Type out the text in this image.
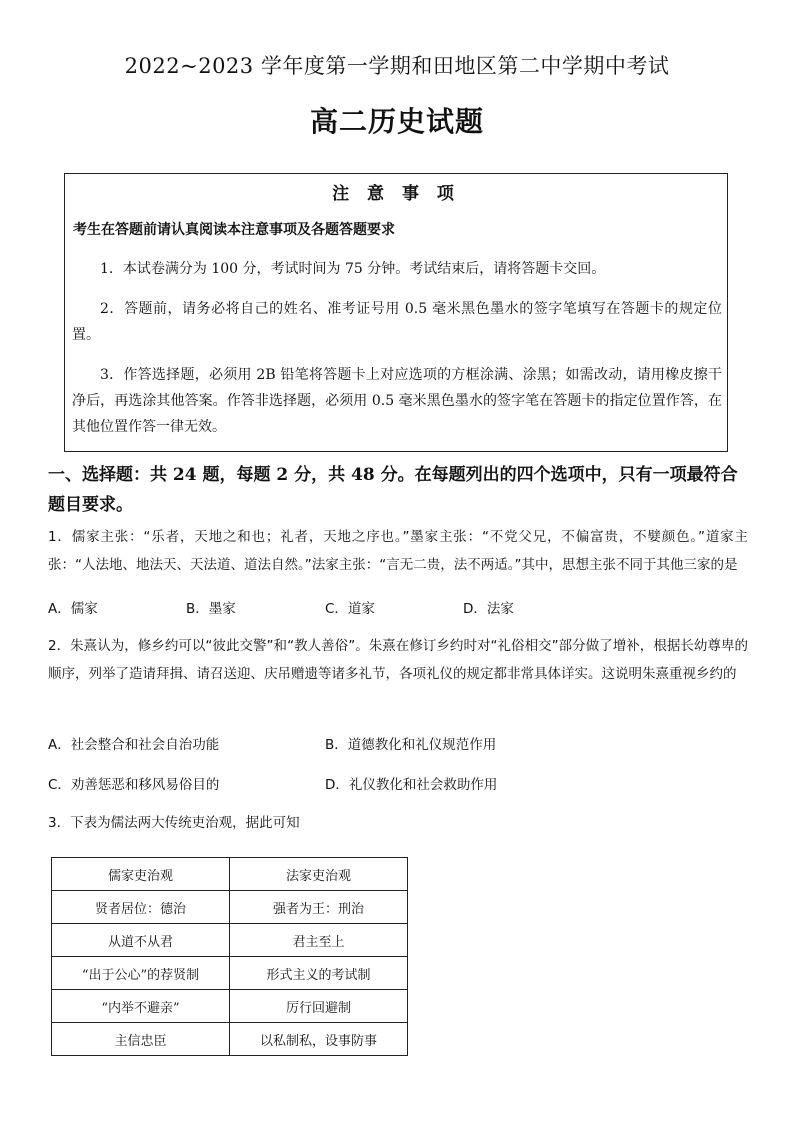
2022~2023 学年度第一学期和田地区第二中学期中考试
高二历史试题
注 意 事 项
考生在答题前请认真阅读本注意事项及各题答题要求
1．本试卷满分为 100 分，考试时间为 75 分钟。考试结束后，请将答题卡交回。
2．答题前，请务必将自己的姓名、准考证号用 0.5 毫米黑色墨水的签字笔填写在答题卡的规定位置。
3．作答选择题，必须用 2B 铅笔将答题卡上对应选项的方框涂满、涂黑；如需改动，请用橡皮擦干净后，再选涂其他答案。作答非选择题，必须用 0.5 毫米黑色墨水的签字笔在答题卡的指定位置作答，在其他位置作答一律无效。
一、选择题：共 24 题，每题 2 分，共 48 分。在每题列出的四个选项中，只有一项最符合题目要求。
1．儒家主张：“乐者，天地之和也；礼者，天地之序也。”墨家主张：“不党父兄，不偏富贵，不嬖颜色。”道家主张：“人法地、地法天、天法道、道法自然。”法家主张：“言无二贵，法不两适。”其中，思想主张不同于其他三家的是
A．儒家	B．墨家	C．道家	D．法家
2．朱熹认为，修乡约可以“彼此交警”和“教人善俗”。朱熹在修订乡约时对“礼俗相交”部分做了增补，根据长幼尊卑的顺序，列举了造请拜揖、请召送迎、庆吊赠遗等诸多礼节，各项礼仪的规定都非常具体详实。这说明朱熹重视乡约的
A．社会整合和社会自治功能	B．道德教化和礼仪规范作用
C．劝善惩恶和移风易俗目的	D．礼仪教化和社会救助作用
3．下表为儒法两大传统吏治观，据此可知
儒家吏治观	法家吏治观
贤者居位：德治	强者为王：刑治
从道不从君	君主至上
“出于公心”的荐贤制	形式主义的考试制
“内举不避亲”	厉行回避制
主信忠臣	以私制私，设事防事
